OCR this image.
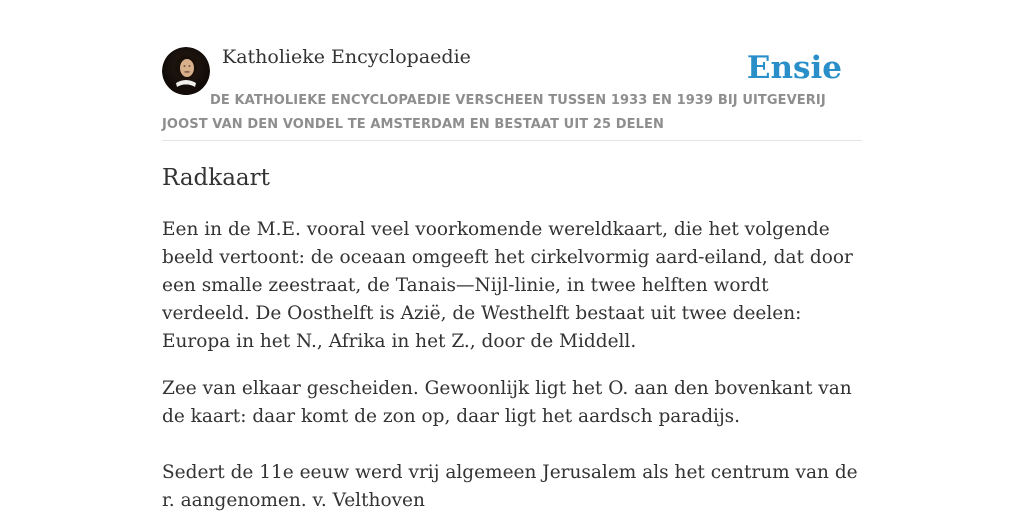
Katholieke Encyclopaedie	Ensie
DE KATHOLIEKE ENCYCLOPAEDIE VERSCHEEN TUSSEN 1933 EN 1939 BIJ UITGEVERIJ JOOST VAN DEN VONDEL TE AMSTERDAM EN BESTAAT UIT 25 DELEN
Radkaart

Een in de M.E. vooral veel voorkomende wereldkaart, die het volgende beeld vertoont: de oceaan omgeeft het cirkelvormig aard-eiland, dat door een smalle zeestraat, de Tanais—Nijl-linie, in twee helften wordt verdeeld. De Oosthelft is Azië, de Westhelft bestaat uit twee deelen: Europa in het N., Afrika in het Z., door de Middell.

Zee van elkaar gescheiden. Gewoonlijk ligt het O. aan den bovenkant van de kaart: daar komt de zon op, daar ligt het aardsch paradijs.

Sedert de 11e eeuw werd vrij algemeen Jerusalem als het centrum van de r. aangenomen. v. Velthoven
